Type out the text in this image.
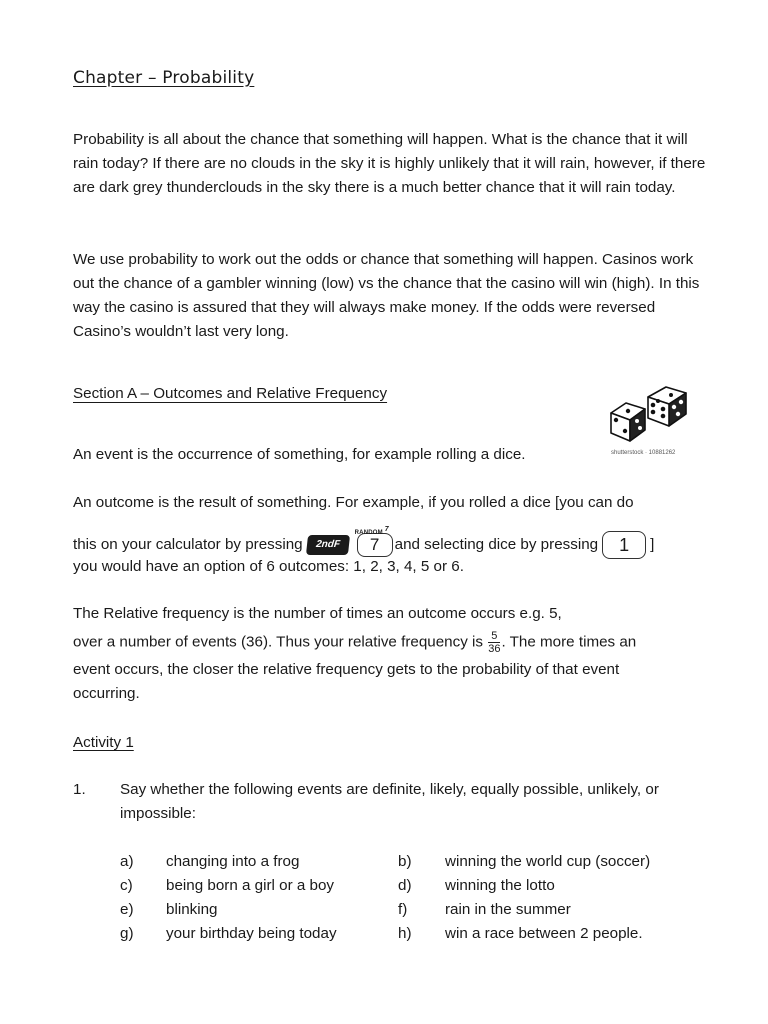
Chapter – Probability

Probability is all about the chance that something will happen. What is the chance that it will rain today? If there are no clouds in the sky it is highly unlikely that it will rain, however, if there are dark grey thunderclouds in the sky there is a much better chance that it will rain today.

We use probability to work out the odds or chance that something will happen. Casinos work out the chance of a gambler winning (low) vs the chance that the casino will win (high). In this way the casino is assured that they will always make money. If the odds were reversed Casino’s wouldn’t last very long.

Section A – Outcomes and Relative Frequency
shutterstock · 10881262
An event is the occurrence of something, for example rolling a dice.
An outcome is the result of something. For example, if you rolled a dice [you can do
this on your calculator by pressing 2ndF
RANDOM $^7$
7 and selecting dice by pressing 1 ]
you would have an option of 6 outcomes: 1, 2, 3, 4, 5 or 6.
The Relative frequency is the number of times an outcome occurs e.g. 5,
over a number of events (36). Thus your relative frequency is $\frac{5}{36}$ . The more times an
event occurs, the closer the relative frequency gets to the probability of that event
occurring.
Activity 1
1. Say whether the following events are definite, likely, equally possible, unlikely, or impossible:

a) changing into a frog	b) winning the world cup (soccer)
c) being born a girl or a boy	d) winning the lotto
e) blinking	f) rain in the summer
g) your birthday being today	h) win a race between 2 people.
